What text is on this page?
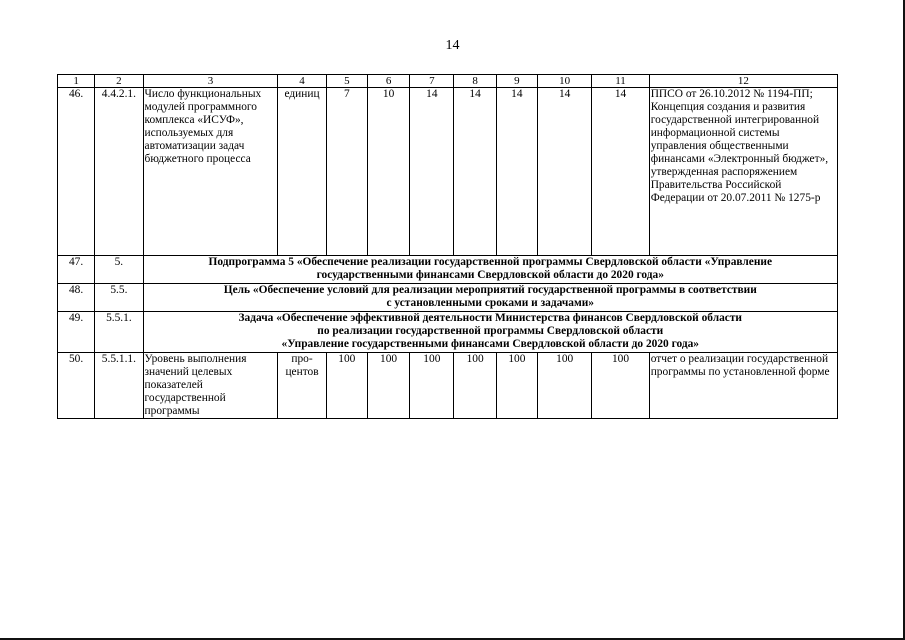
14
1	2	3	4	5	6	7	8	9	10	11	12
46.	4.4.2.1.	Число функциональных модулей программного комплекса «ИСУФ», используемых для автоматизации задач бюджетного процесса	единиц	7	10	14	14	14	14	14	ППСО от 26.10.2012 № 1194-ПП; Концепция создания и развития государственной интегрированной информационной системы управления общественными финансами «Электронный бюджет», утвержденная распоряжением Правительства Российской Федерации от 20.07.2011 № 1275-р
47.	5.	Подпрограмма 5 «Обеспечение реализации государственной программы Свердловской области «Управление
государственными финансами Свердловской области до 2020 года»									

48.	5.5.	Цель «Обеспечение условий для реализации мероприятий государственной программы в соответствии
с установленными сроками и задачами»									

49.	5.5.1.	Задача «Обеспечение эффективной деятельности Министерства финансов Свердловской области
по реализации государственной программы Свердловской области
«Управление государственными финансами Свердловской области до 2020 года»									

50.	5.5.1.1.	Уровень выполнения значений целевых показателей государственной программы	про-центов	100	100	100	100	100	100	100	отчет о реализации государственной программы по установленной форме
